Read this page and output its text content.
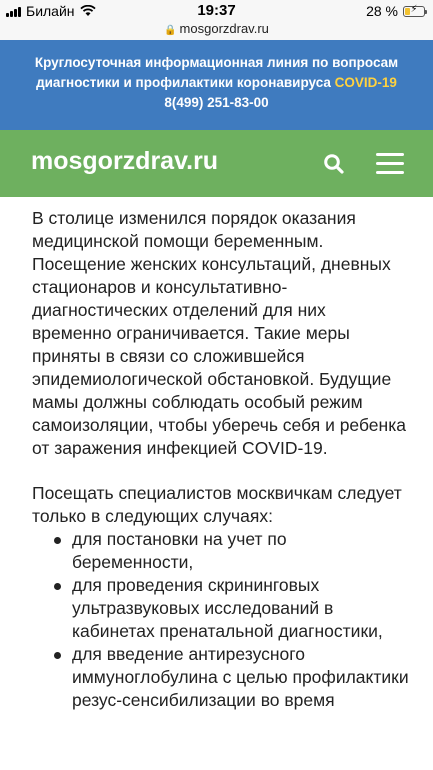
Билайн	19:37
🔒 mosgorzdrav.ru
28 %	⚡
Круглосуточная информационная линия по вопросам
диагностики и профилактики коронавируса COVID-19
8(499) 251-83-00
mosgorzdrav.ru

В столице изменился порядок оказания медицинской помощи беременным. Посещение женских консультаций, дневных стационаров и консультативно-диагностических отделений для них временно ограничивается. Такие меры приняты в связи со сложившейся эпидемиологической обстановкой. Будущие мамы должны соблюдать особый режим самоизоляции, чтобы уберечь себя и ребенка от заражения инфекцией COVID-19.

Посещать специалистов москвичкам следует только в следующих случаях:

для постановки на учет по беременности,
для проведения скрининговых ультразвуковых исследований в кабинетах пренатальной диагностики,
для введение антирезусного иммуноглобулина с целью профилактики резус-сенсибилизации во время
